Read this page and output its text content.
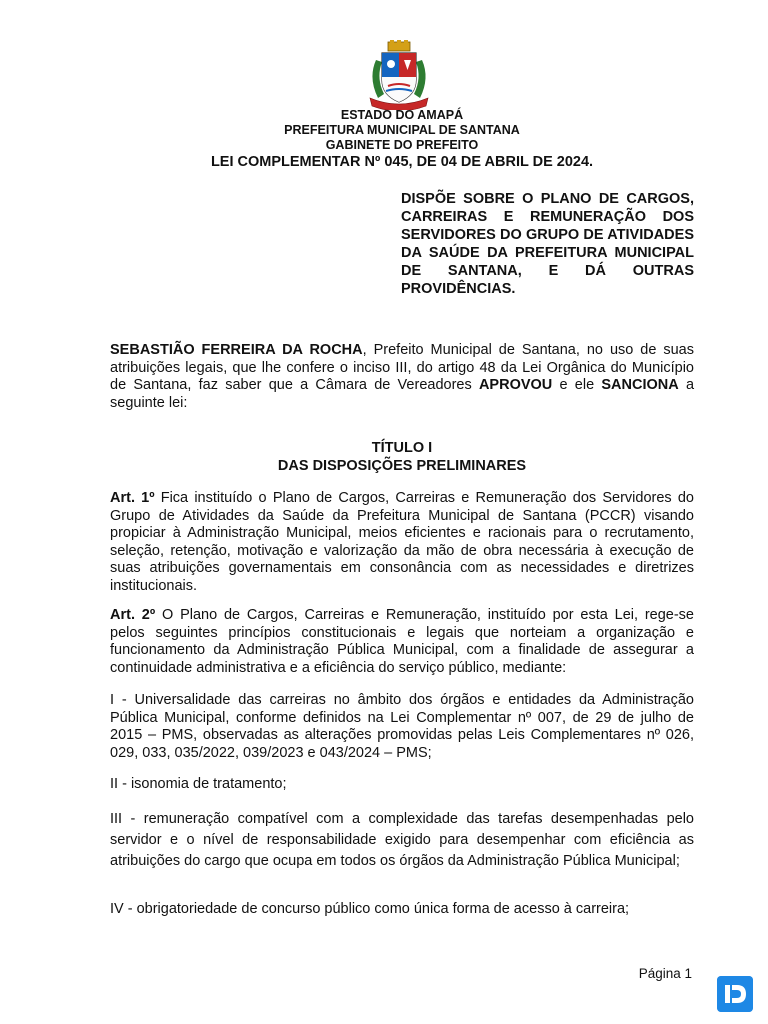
ESTADO DO AMAPÁ
PREFEITURA MUNICIPAL DE SANTANA
GABINETE DO PREFEITO
LEI COMPLEMENTAR Nº 045, DE 04 DE ABRIL DE 2024.
DISPÕE SOBRE O PLANO DE CARGOS, CARREIRAS E REMUNERAÇÃO DOS SERVIDORES DO GRUPO DE ATIVIDADES DA SAÚDE DA PREFEITURA MUNICIPAL DE SANTANA, E DÁ OUTRAS PROVIDÊNCIAS.

SEBASTIÃO FERREIRA DA ROCHA, Prefeito Municipal de Santana, no uso de suas atribuições legais, que lhe confere o inciso III, do artigo 48 da Lei Orgânica do Município de Santana, faz saber que a Câmara de Vereadores APROVOU e ele SANCIONA a seguinte lei:

TÍTULO I
DAS DISPOSIÇÕES PRELIMINARES

Art. 1º Fica instituído o Plano de Cargos, Carreiras e Remuneração dos Servidores do Grupo de Atividades da Saúde da Prefeitura Municipal de Santana (PCCR) visando propiciar à Administração Municipal, meios eficientes e racionais para o recrutamento, seleção, retenção, motivação e valorização da mão de obra necessária à execução de suas atribuições governamentais em consonância com as necessidades e diretrizes institucionais.

Art. 2º O Plano de Cargos, Carreiras e Remuneração, instituído por esta Lei, rege-se pelos seguintes princípios constitucionais e legais que norteiam a organização e funcionamento da Administração Pública Municipal, com a finalidade de assegurar a continuidade administrativa e a eficiência do serviço público, mediante:

I - Universalidade das carreiras no âmbito dos órgãos e entidades da Administração Pública Municipal, conforme definidos na Lei Complementar nº 007, de 29 de julho de 2015 – PMS, observadas as alterações promovidas pelas Leis Complementares nº 026, 029, 033, 035/2022, 039/2023 e 043/2024 – PMS;

II - isonomia de tratamento;

III - remuneração compatível com a complexidade das tarefas desempenhadas pelo servidor e o nível de responsabilidade exigido para desempenhar com eficiência as atribuições do cargo que ocupa em todos os órgãos da Administração Pública Municipal;

IV - obrigatoriedade de concurso público como única forma de acesso à carreira;

Página 1
